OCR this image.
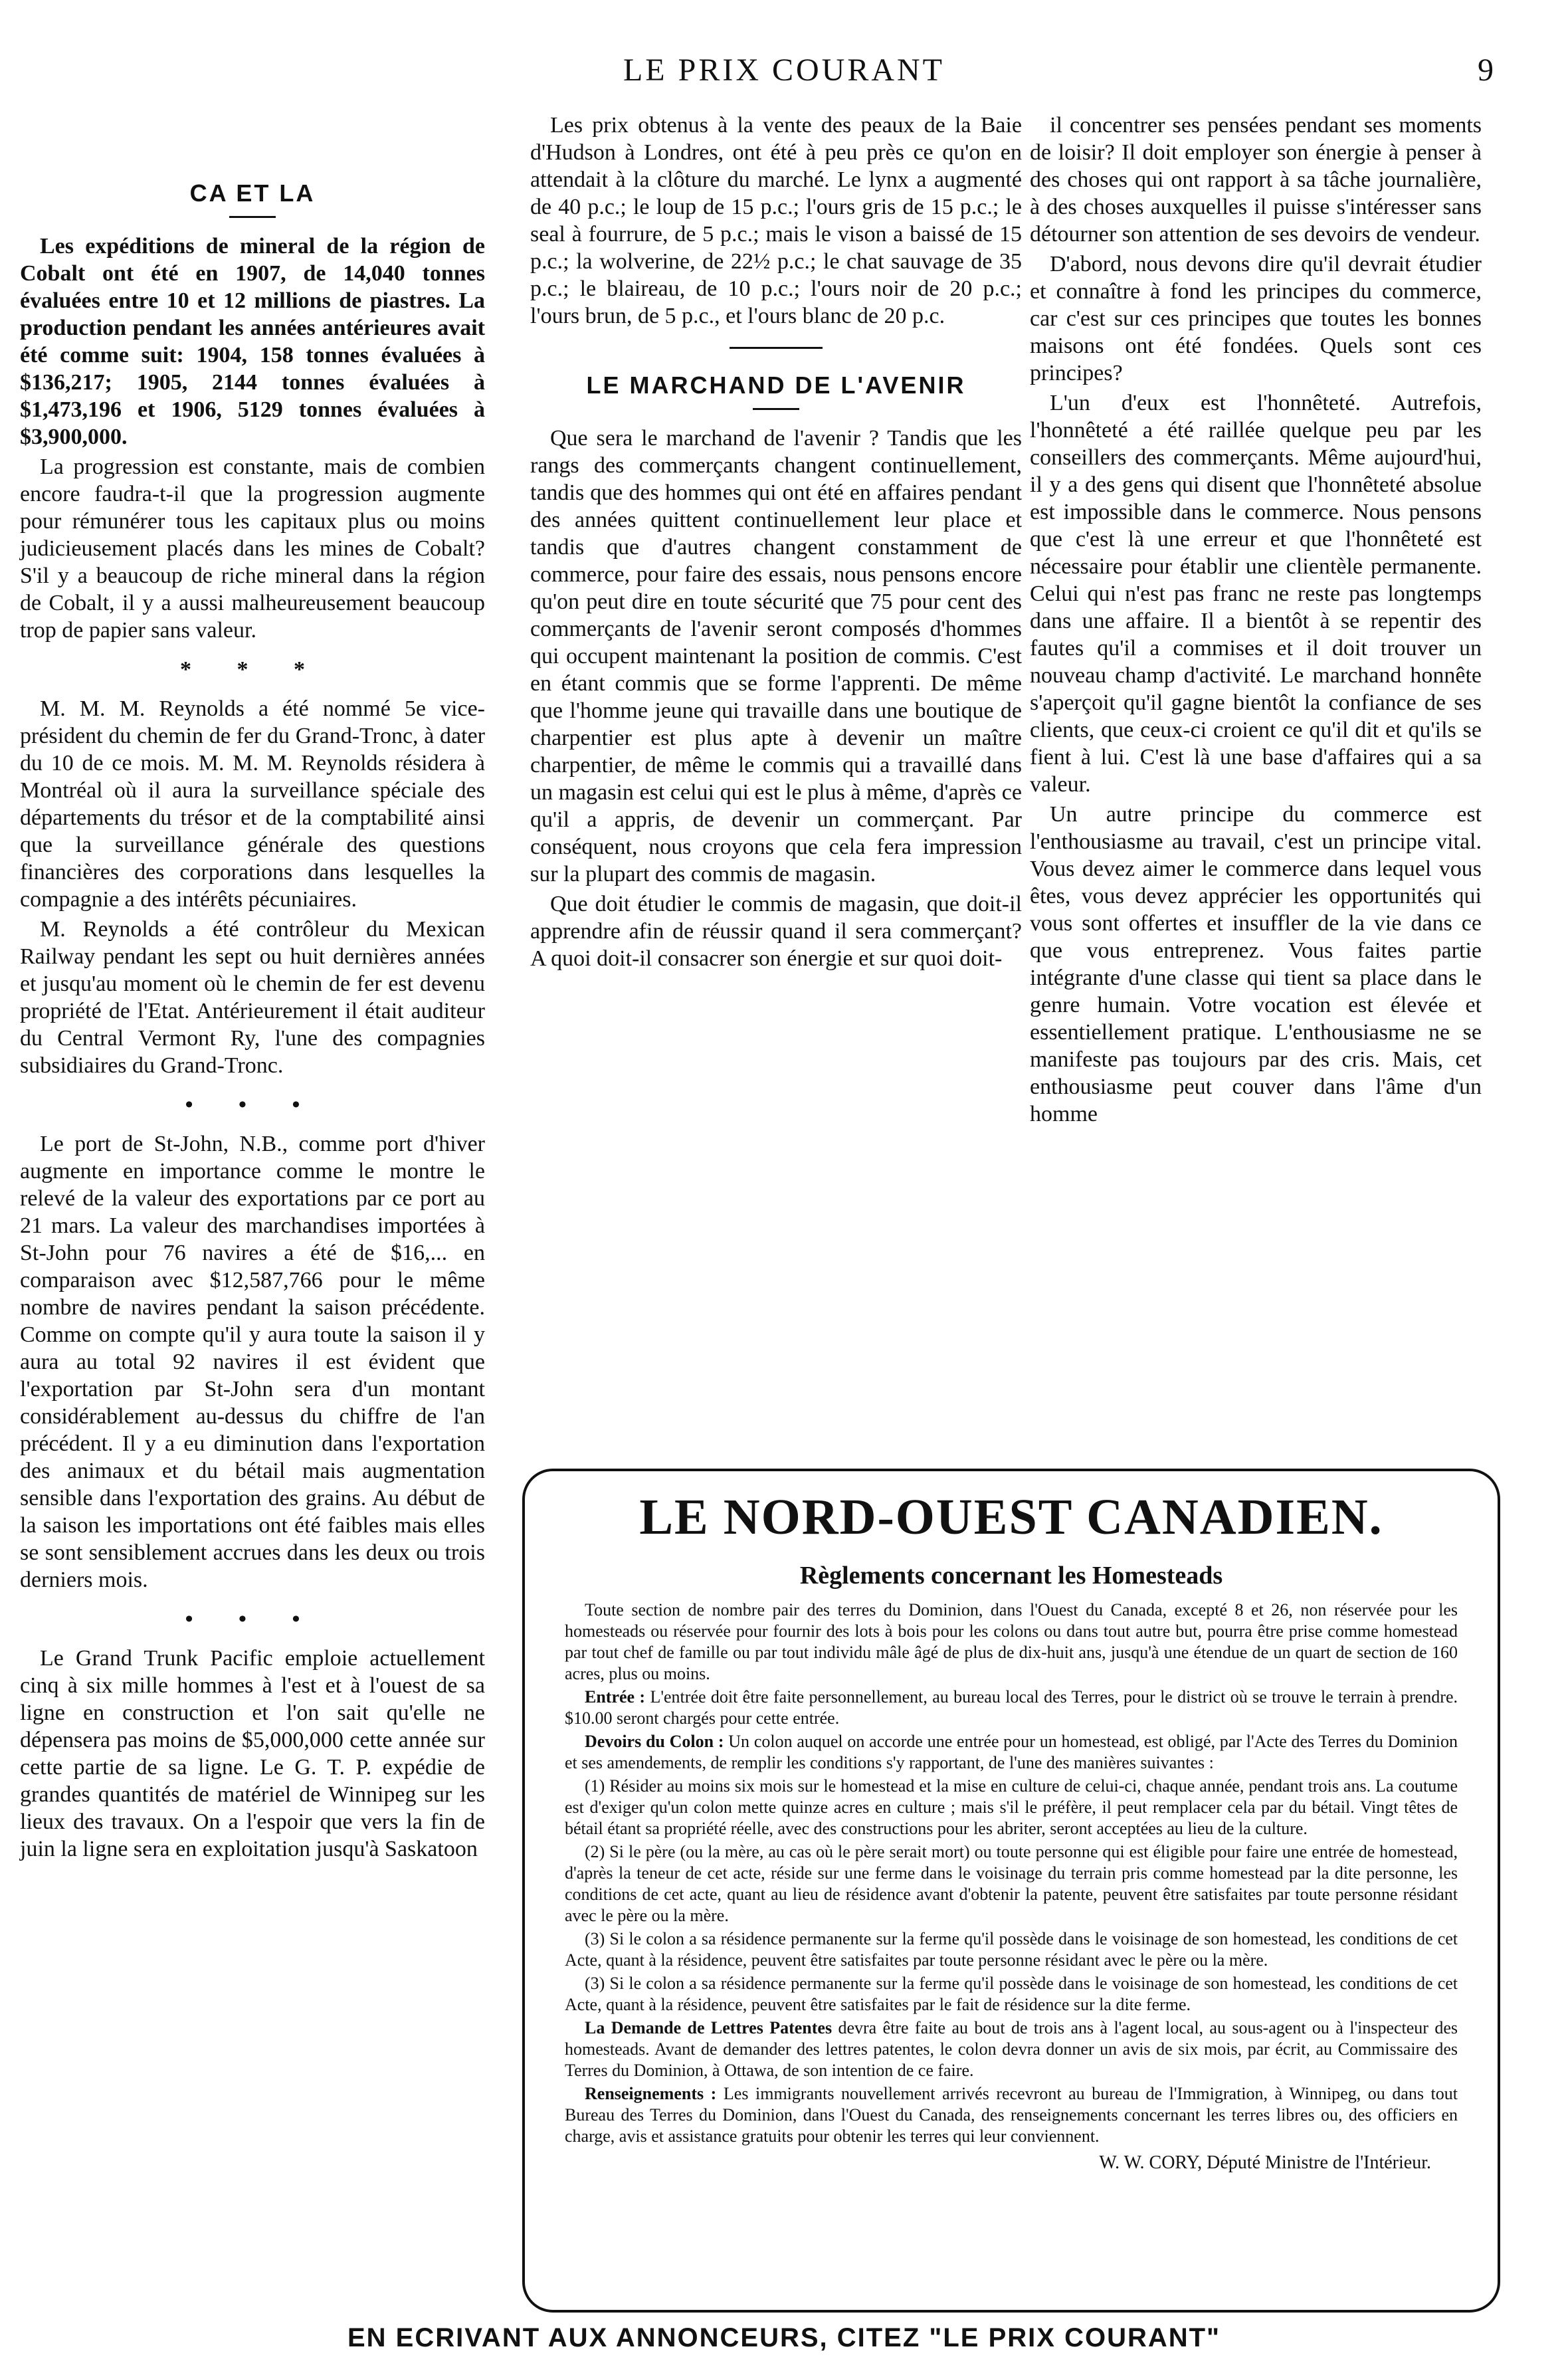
LE PRIX COURANT	9
CA ET LA

Les expéditions de mineral de la région de Cobalt ont été en 1907, de 14,040 tonnes évaluées entre 10 et 12 millions de piastres. La production pendant les années antérieures avait été comme suit: 1904, 158 tonnes évaluées à $136,217; 1905, 2144 tonnes évaluées à $1,473,196 et 1906, 5129 tonnes évaluées à $3,900,000.

La progression est constante, mais de combien encore faudra-t-il que la progression augmente pour rémunérer tous les capitaux plus ou moins judicieusement placés dans les mines de Cobalt? S'il y a beaucoup de riche mineral dans la région de Cobalt, il y a aussi malheureusement beaucoup trop de papier sans valeur.

* * *

M. M. M. Reynolds a été nommé 5e vice-président du chemin de fer du Grand-Tronc, à dater du 10 de ce mois. M. M. M. Reynolds résidera à Montréal où il aura la surveillance spéciale des départements du trésor et de la comptabilité ainsi que la surveillance générale des questions financières des corporations dans lesquelles la compagnie a des intérêts pécuniaires.

M. Reynolds a été contrôleur du Mexican Railway pendant les sept ou huit dernières années et jusqu'au moment où le chemin de fer est devenu propriété de l'Etat. Antérieurement il était auditeur du Central Vermont Ry, l'une des compagnies subsidiaires du Grand-Tronc.

• • •

Le port de St-John, N.B., comme port d'hiver augmente en importance comme le montre le relevé de la valeur des exportations par ce port au 21 mars. La valeur des marchandises importées à St-John pour 76 navires a été de $16,... en comparaison avec $12,587,766 pour le même nombre de navires pendant la saison précédente. Comme on compte qu'il y aura toute la saison il y aura au total 92 navires il est évident que l'exportation par St-John sera d'un montant considérablement au-dessus du chiffre de l'an précédent. Il y a eu diminution dans l'exportation des animaux et du bétail mais augmentation sensible dans l'exportation des grains. Au début de la saison les importations ont été faibles mais elles se sont sensiblement accrues dans les deux ou trois derniers mois.

• • •

Le Grand Trunk Pacific emploie actuellement cinq à six mille hommes à l'est et à l'ouest de sa ligne en construction et l'on sait qu'elle ne dépensera pas moins de $5,000,000 cette année sur cette partie de sa ligne. Le G. T. P. expédie de grandes quantités de matériel de Winnipeg sur les lieux des travaux. On a l'espoir que vers la fin de juin la ligne sera en exploitation jusqu'à Saskatoon

Les prix obtenus à la vente des peaux de la Baie d'Hudson à Londres, ont été à peu près ce qu'on en attendait à la clôture du marché. Le lynx a augmenté de 40 p.c.; le loup de 15 p.c.; l'ours gris de 15 p.c.; le seal à fourrure, de 5 p.c.; mais le vison a baissé de 15 p.c.; la wolverine, de 22½ p.c.; le chat sauvage de 35 p.c.; le blaireau, de 10 p.c.; l'ours noir de 20 p.c.; l'ours brun, de 5 p.c., et l'ours blanc de 20 p.c.

LE MARCHAND DE L'AVENIR

Que sera le marchand de l'avenir ? Tandis que les rangs des commerçants changent continuellement, tandis que des hommes qui ont été en affaires pendant des années quittent continuellement leur place et tandis que d'autres changent constamment de commerce, pour faire des essais, nous pensons encore qu'on peut dire en toute sécurité que 75 pour cent des commerçants de l'avenir seront composés d'hommes qui occupent maintenant la position de commis. C'est en étant commis que se forme l'apprenti. De même que l'homme jeune qui travaille dans une boutique de charpentier est plus apte à devenir un maître charpentier, de même le commis qui a travaillé dans un magasin est celui qui est le plus à même, d'après ce qu'il a appris, de devenir un commerçant. Par conséquent, nous croyons que cela fera impression sur la plupart des commis de magasin.

Que doit étudier le commis de magasin, que doit-il apprendre afin de réussir quand il sera commerçant? A quoi doit-il consacrer son énergie et sur quoi doit-

il concentrer ses pensées pendant ses moments de loisir? Il doit employer son énergie à penser à des choses qui ont rapport à sa tâche journalière, à des choses auxquelles il puisse s'intéresser sans détourner son attention de ses devoirs de vendeur.

D'abord, nous devons dire qu'il devrait étudier et connaître à fond les principes du commerce, car c'est sur ces principes que toutes les bonnes maisons ont été fondées. Quels sont ces principes?

L'un d'eux est l'honnêteté. Autrefois, l'honnêteté a été raillée quelque peu par les conseillers des commerçants. Même aujourd'hui, il y a des gens qui disent que l'honnêteté absolue est impossible dans le commerce. Nous pensons que c'est là une erreur et que l'honnêteté est nécessaire pour établir une clientèle permanente. Celui qui n'est pas franc ne reste pas longtemps dans une affaire. Il a bientôt à se repentir des fautes qu'il a commises et il doit trouver un nouveau champ d'activité. Le marchand honnête s'aperçoit qu'il gagne bientôt la confiance de ses clients, que ceux-ci croient ce qu'il dit et qu'ils se fient à lui. C'est là une base d'affaires qui a sa valeur.

Un autre principe du commerce est l'enthousiasme au travail, c'est un principe vital. Vous devez aimer le commerce dans lequel vous êtes, vous devez apprécier les opportunités qui vous sont offertes et insuffler de la vie dans ce que vous entreprenez. Vous faites partie intégrante d'une classe qui tient sa place dans le genre humain. Votre vocation est élevée et essentiellement pratique. L'enthousiasme ne se manifeste pas toujours par des cris. Mais, cet enthousiasme peut couver dans l'âme d'un homme

LE NORD-OUEST CANADIEN.
Règlements concernant les Homesteads

Toute section de nombre pair des terres du Dominion, dans l'Ouest du Canada, excepté 8 et 26, non réservée pour les homesteads ou réservée pour fournir des lots à bois pour les colons ou dans tout autre but, pourra être prise comme homestead par tout chef de famille ou par tout individu mâle âgé de plus de dix-huit ans, jusqu'à une étendue de un quart de section de 160 acres, plus ou moins.

Entrée : L'entrée doit être faite personnellement, au bureau local des Terres, pour le district où se trouve le terrain à prendre. $10.00 seront chargés pour cette entrée.

Devoirs du Colon : Un colon auquel on accorde une entrée pour un homestead, est obligé, par l'Acte des Terres du Dominion et ses amendements, de remplir les conditions s'y rapportant, de l'une des manières suivantes :

(1) Résider au moins six mois sur le homestead et la mise en culture de celui-ci, chaque année, pendant trois ans. La coutume est d'exiger qu'un colon mette quinze acres en culture ; mais s'il le préfère, il peut remplacer cela par du bétail. Vingt têtes de bétail étant sa propriété réelle, avec des constructions pour les abriter, seront acceptées au lieu de la culture.

(2) Si le père (ou la mère, au cas où le père serait mort) ou toute personne qui est éligible pour faire une entrée de homestead, d'après la teneur de cet acte, réside sur une ferme dans le voisinage du terrain pris comme homestead par la dite personne, les conditions de cet acte, quant au lieu de résidence avant d'obtenir la patente, peuvent être satisfaites par toute personne résidant avec le père ou la mère.

(3) Si le colon a sa résidence permanente sur la ferme qu'il possède dans le voisinage de son homestead, les conditions de cet Acte, quant à la résidence, peuvent être satisfaites par toute personne résidant avec le père ou la mère.

(3) Si le colon a sa résidence permanente sur la ferme qu'il possède dans le voisinage de son homestead, les conditions de cet Acte, quant à la résidence, peuvent être satisfaites par le fait de résidence sur la dite ferme.

La Demande de Lettres Patentes devra être faite au bout de trois ans à l'agent local, au sous-agent ou à l'inspecteur des homesteads. Avant de demander des lettres patentes, le colon devra donner un avis de six mois, par écrit, au Commissaire des Terres du Dominion, à Ottawa, de son intention de ce faire.

Renseignements : Les immigrants nouvellement arrivés recevront au bureau de l'Immigration, à Winnipeg, ou dans tout Bureau des Terres du Dominion, dans l'Ouest du Canada, des renseignements concernant les terres libres ou, des officiers en charge, avis et assistance gratuits pour obtenir les terres qui leur conviennent.

W. W. CORY, Député Ministre de l'Intérieur.
EN ECRIVANT AUX ANNONCEURS, CITEZ "LE PRIX COURANT"
